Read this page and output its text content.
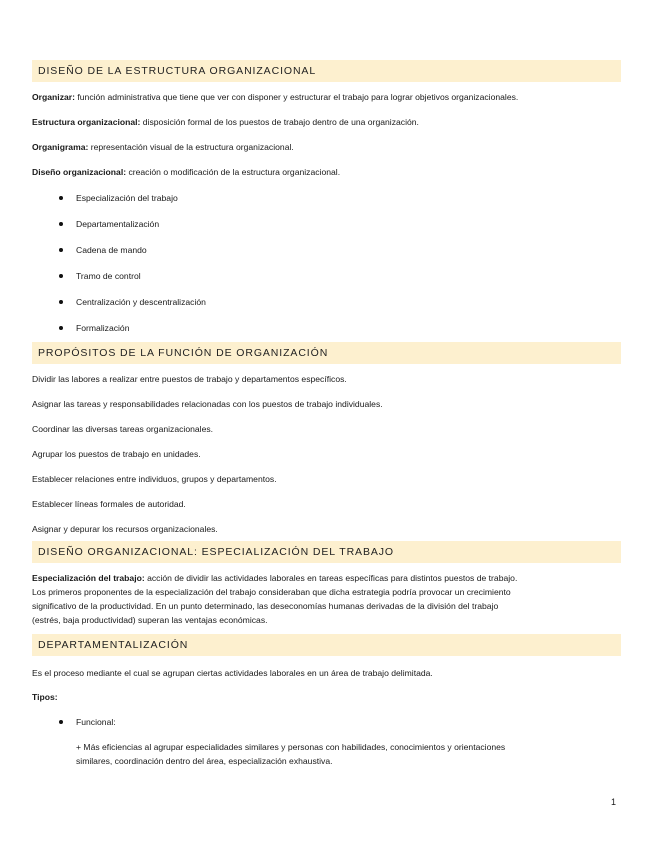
DISEÑO DE LA ESTRUCTURA ORGANIZACIONAL

Organizar: función administrativa que tiene que ver con disponer y estructurar el trabajo para lograr objetivos organizacionales.

Estructura organizacional: disposición formal de los puestos de trabajo dentro de una organización.

Organigrama: representación visual de la estructura organizacional.

Diseño organizacional: creación o modificación de la estructura organizacional.

Especialización del trabajo
Departamentalización
Cadena de mando
Tramo de control
Centralización y descentralización
Formalización
PROPÓSITOS DE LA FUNCIÓN DE ORGANIZACIÓN

Dividir las labores a realizar entre puestos de trabajo y departamentos específicos.

Asignar las tareas y responsabilidades relacionadas con los puestos de trabajo individuales.

Coordinar las diversas tareas organizacionales.

Agrupar los puestos de trabajo en unidades.

Establecer relaciones entre individuos, grupos y departamentos.

Establecer líneas formales de autoridad.

Asignar y depurar los recursos organizacionales.

DISEÑO ORGANIZACIONAL: ESPECIALIZACIÓN DEL TRABAJO

Especialización del trabajo: acción de dividir las actividades laborales en tareas específicas para distintos puestos de trabajo.

Los primeros proponentes de la especialización del trabajo consideraban que dicha estrategia podría provocar un crecimiento

significativo de la productividad. En un punto determinado, las deseconomías humanas derivadas de la división del trabajo

(estrés, baja productividad) superan las ventajas económicas.

DEPARTAMENTALIZACIÓN

Es el proceso mediante el cual se agrupan ciertas actividades laborales en un área de trabajo delimitada.

Tipos:

Funcional:

+ Más eficiencias al agrupar especialidades similares y personas con habilidades, conocimientos y orientaciones

similares, coordinación dentro del área, especialización exhaustiva.

1
